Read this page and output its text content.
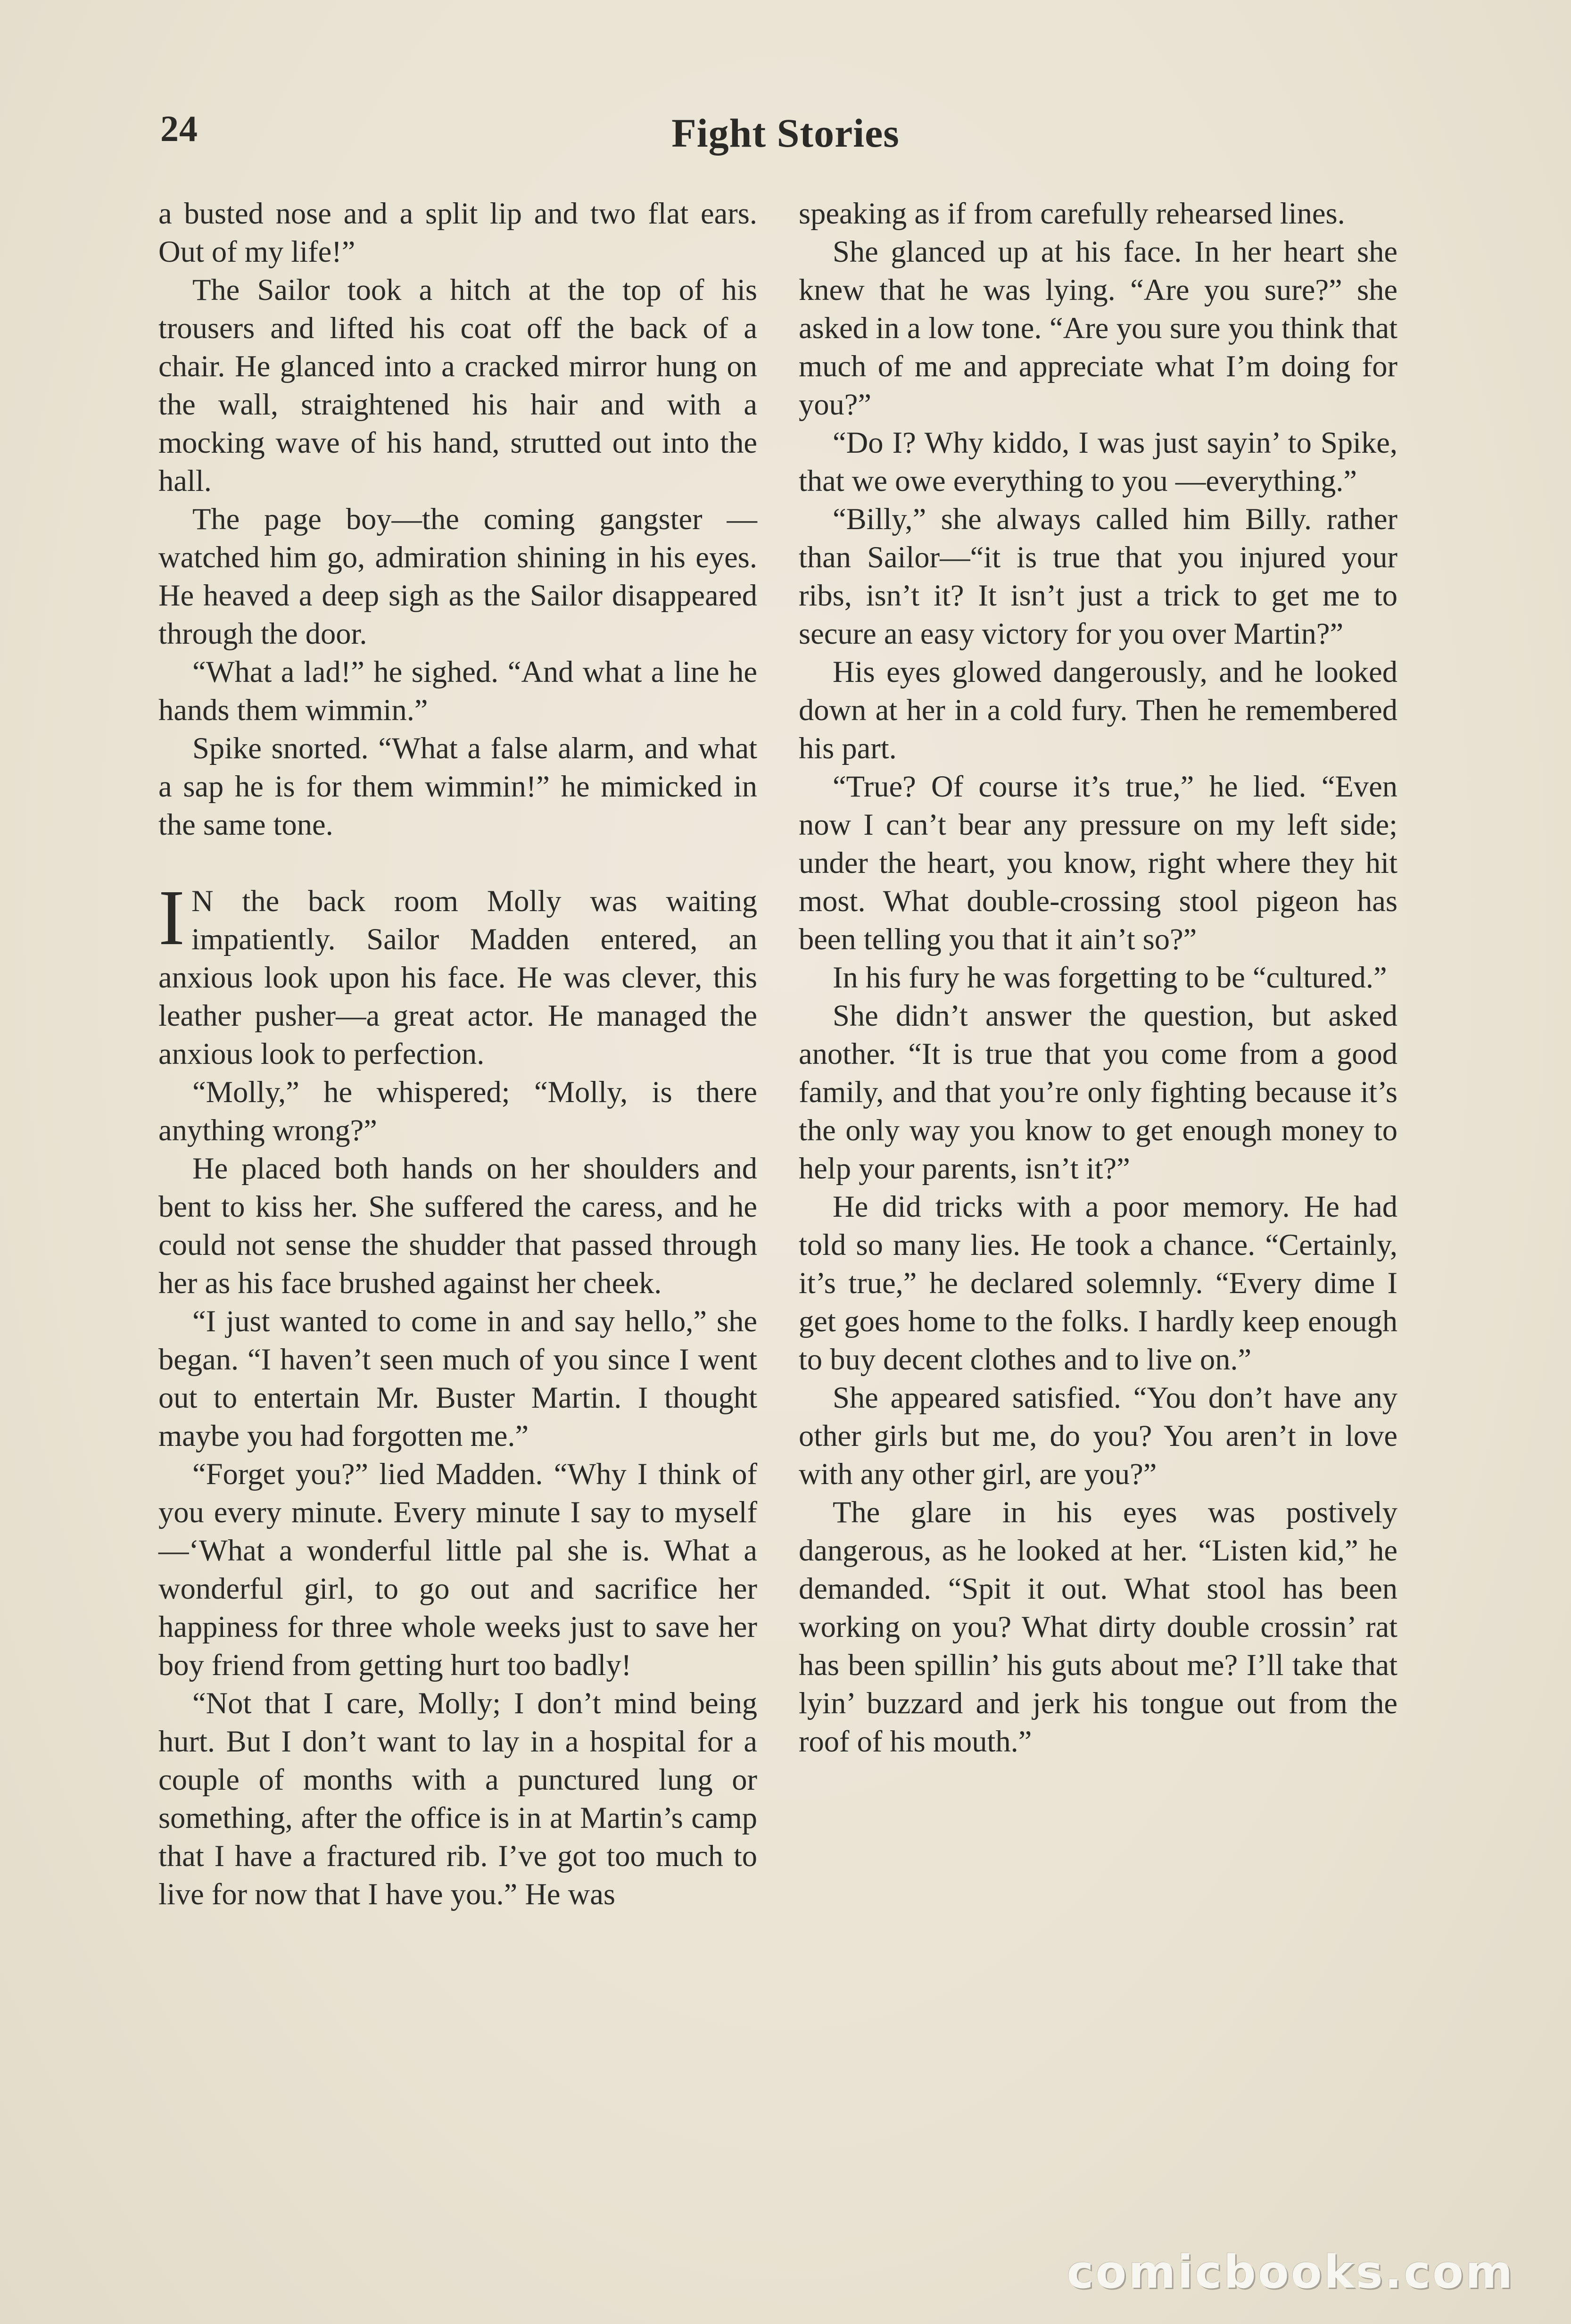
24	Fight Stories

a busted nose and a split lip and two flat ears. Out of my life!”

The Sailor took a hitch at the top of his trousers and lifted his coat off the back of a chair. He glanced into a cracked mirror hung on the wall, straightened his hair and with a mocking wave of his hand, strutted out into the hall.

The page boy—the coming gangster —watched him go, admiration shining in his eyes. He heaved a deep sigh as the Sailor disappeared through the door.

“What a lad!” he sighed. “And what a line he hands them wimmin.”

Spike snorted. “What a false alarm, and what a sap he is for them wimmin!” he mimicked in the same tone.

I N the back room Molly was waiting impatiently. Sailor Madden entered, an anxious look upon his face. He was clever, this leather pusher—a great actor. He managed the anxious look to perfection.

“Molly,” he whispered; “Molly, is there anything wrong?”

He placed both hands on her shoulders and bent to kiss her. She suffered the caress, and he could not sense the shudder that passed through her as his face brushed against her cheek.

“I just wanted to come in and say hello,” she began. “I haven’t seen much of you since I went out to entertain Mr. Buster Martin. I thought maybe you had forgotten me.”

“Forget you?” lied Madden. “Why I think of you every minute. Every minute I say to myself—‘What a wonderful little pal she is. What a wonderful girl, to go out and sacrifice her happiness for three whole weeks just to save her boy friend from getting hurt too badly!

“Not that I care, Molly; I don’t mind being hurt. But I don’t want to lay in a hospital for a couple of months with a punctured lung or something, after the office is in at Martin’s camp that I have a fractured rib. I’ve got too much to live for now that I have you.” He was

speaking as if from carefully rehearsed lines.

She glanced up at his face. In her heart she knew that he was lying. “Are you sure?” she asked in a low tone. “Are you sure you think that much of me and appreciate what I’m doing for you?”

“Do I? Why kiddo, I was just sayin’ to Spike, that we owe everything to you —everything.”

“Billy,” she always called him Billy. rather than Sailor—“it is true that you injured your ribs, isn’t it? It isn’t just a trick to get me to secure an easy victory for you over Martin?”

His eyes glowed dangerously, and he looked down at her in a cold fury. Then he remembered his part.

“True? Of course it’s true,” he lied. “Even now I can’t bear any pressure on my left side; under the heart, you know, right where they hit most. What double-crossing stool pigeon has been telling you that it ain’t so?”

In his fury he was forgetting to be “cultured.”

She didn’t answer the question, but asked another. “It is true that you come from a good family, and that you’re only fighting because it’s the only way you know to get enough money to help your parents, isn’t it?”

He did tricks with a poor memory. He had told so many lies. He took a chance. “Certainly, it’s true,” he declared solemnly. “Every dime I get goes home to the folks. I hardly keep enough to buy decent clothes and to live on.”

She appeared satisfied. “You don’t have any other girls but me, do you? You aren’t in love with any other girl, are you?”

The glare in his eyes was postively dangerous, as he looked at her. “Listen kid,” he demanded. “Spit it out. What stool has been working on you? What dirty double crossin’ rat has been spillin’ his guts about me? I’ll take that lyin’ buzzard and jerk his tongue out from the roof of his mouth.”

comicbooks.com
